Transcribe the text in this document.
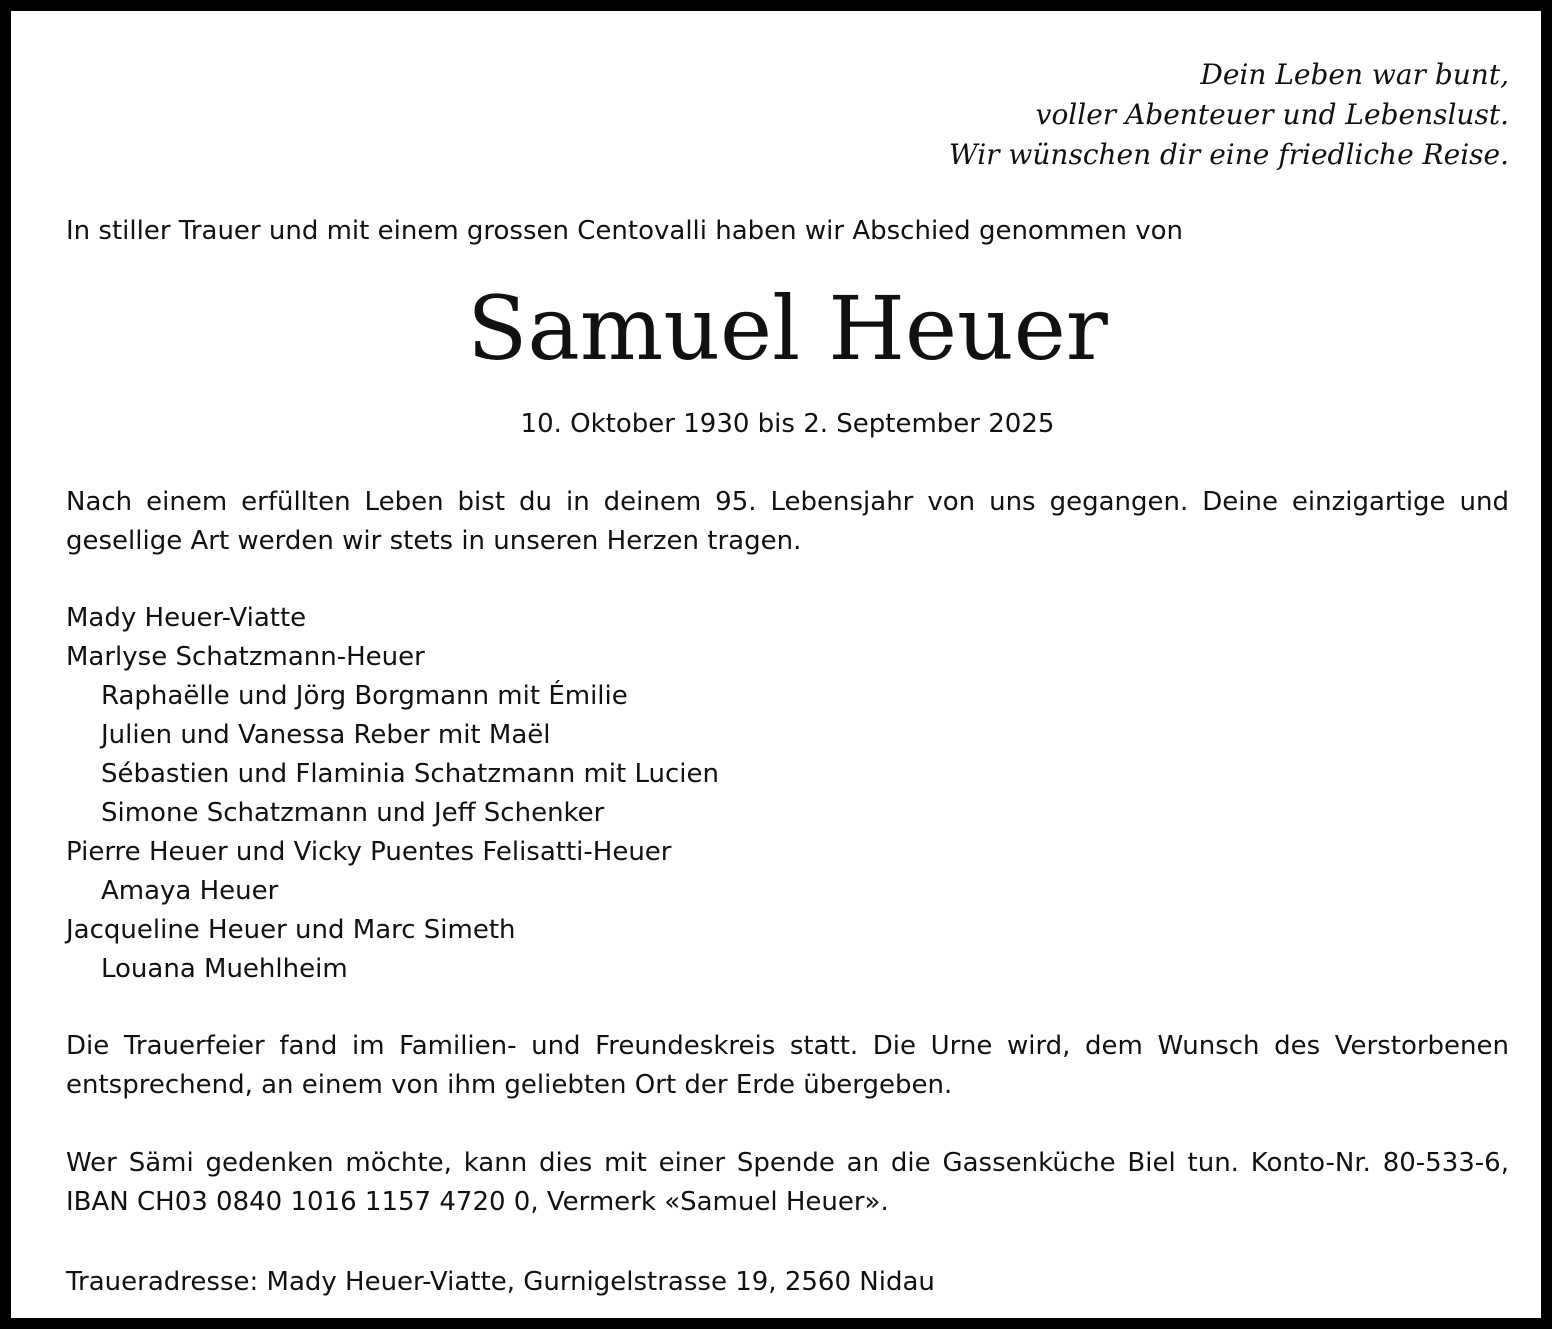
Dein Leben war bunt,
voller Abenteuer und Lebenslust.
Wir wünschen dir eine friedliche Reise.
In stiller Trauer und mit einem grossen Centovalli haben wir Abschied genommen von
Samuel Heuer
10. Oktober 1930 bis 2. September 2025
Nach einem erfüllten Leben bist du in deinem 95. Lebensjahr von uns gegangen. Deine einzigartige und gesellige Art werden wir stets in unseren Herzen tragen.
Mady Heuer-Viatte
Marlyse Schatzmann-Heuer
Raphaëlle und Jörg Borgmann mit Émilie
Julien und Vanessa Reber mit Maël
Sébastien und Flaminia Schatzmann mit Lucien
Simone Schatzmann und Jeff Schenker
Pierre Heuer und Vicky Puentes Felisatti-Heuer
Amaya Heuer
Jacqueline Heuer und Marc Simeth
Louana Muehlheim
Die Trauerfeier fand im Familien- und Freundeskreis statt. Die Urne wird, dem Wunsch des Verstorbenen entsprechend, an einem von ihm geliebten Ort der Erde übergeben.
Wer Sämi gedenken möchte, kann dies mit einer Spende an die Gassenküche Biel tun. Konto-Nr. 80-533-6, IBAN CH03 0840 1016 1157 4720 0, Vermerk «Samuel Heuer».
Traueradresse: Mady Heuer-Viatte, Gurnigelstrasse 19, 2560 Nidau
